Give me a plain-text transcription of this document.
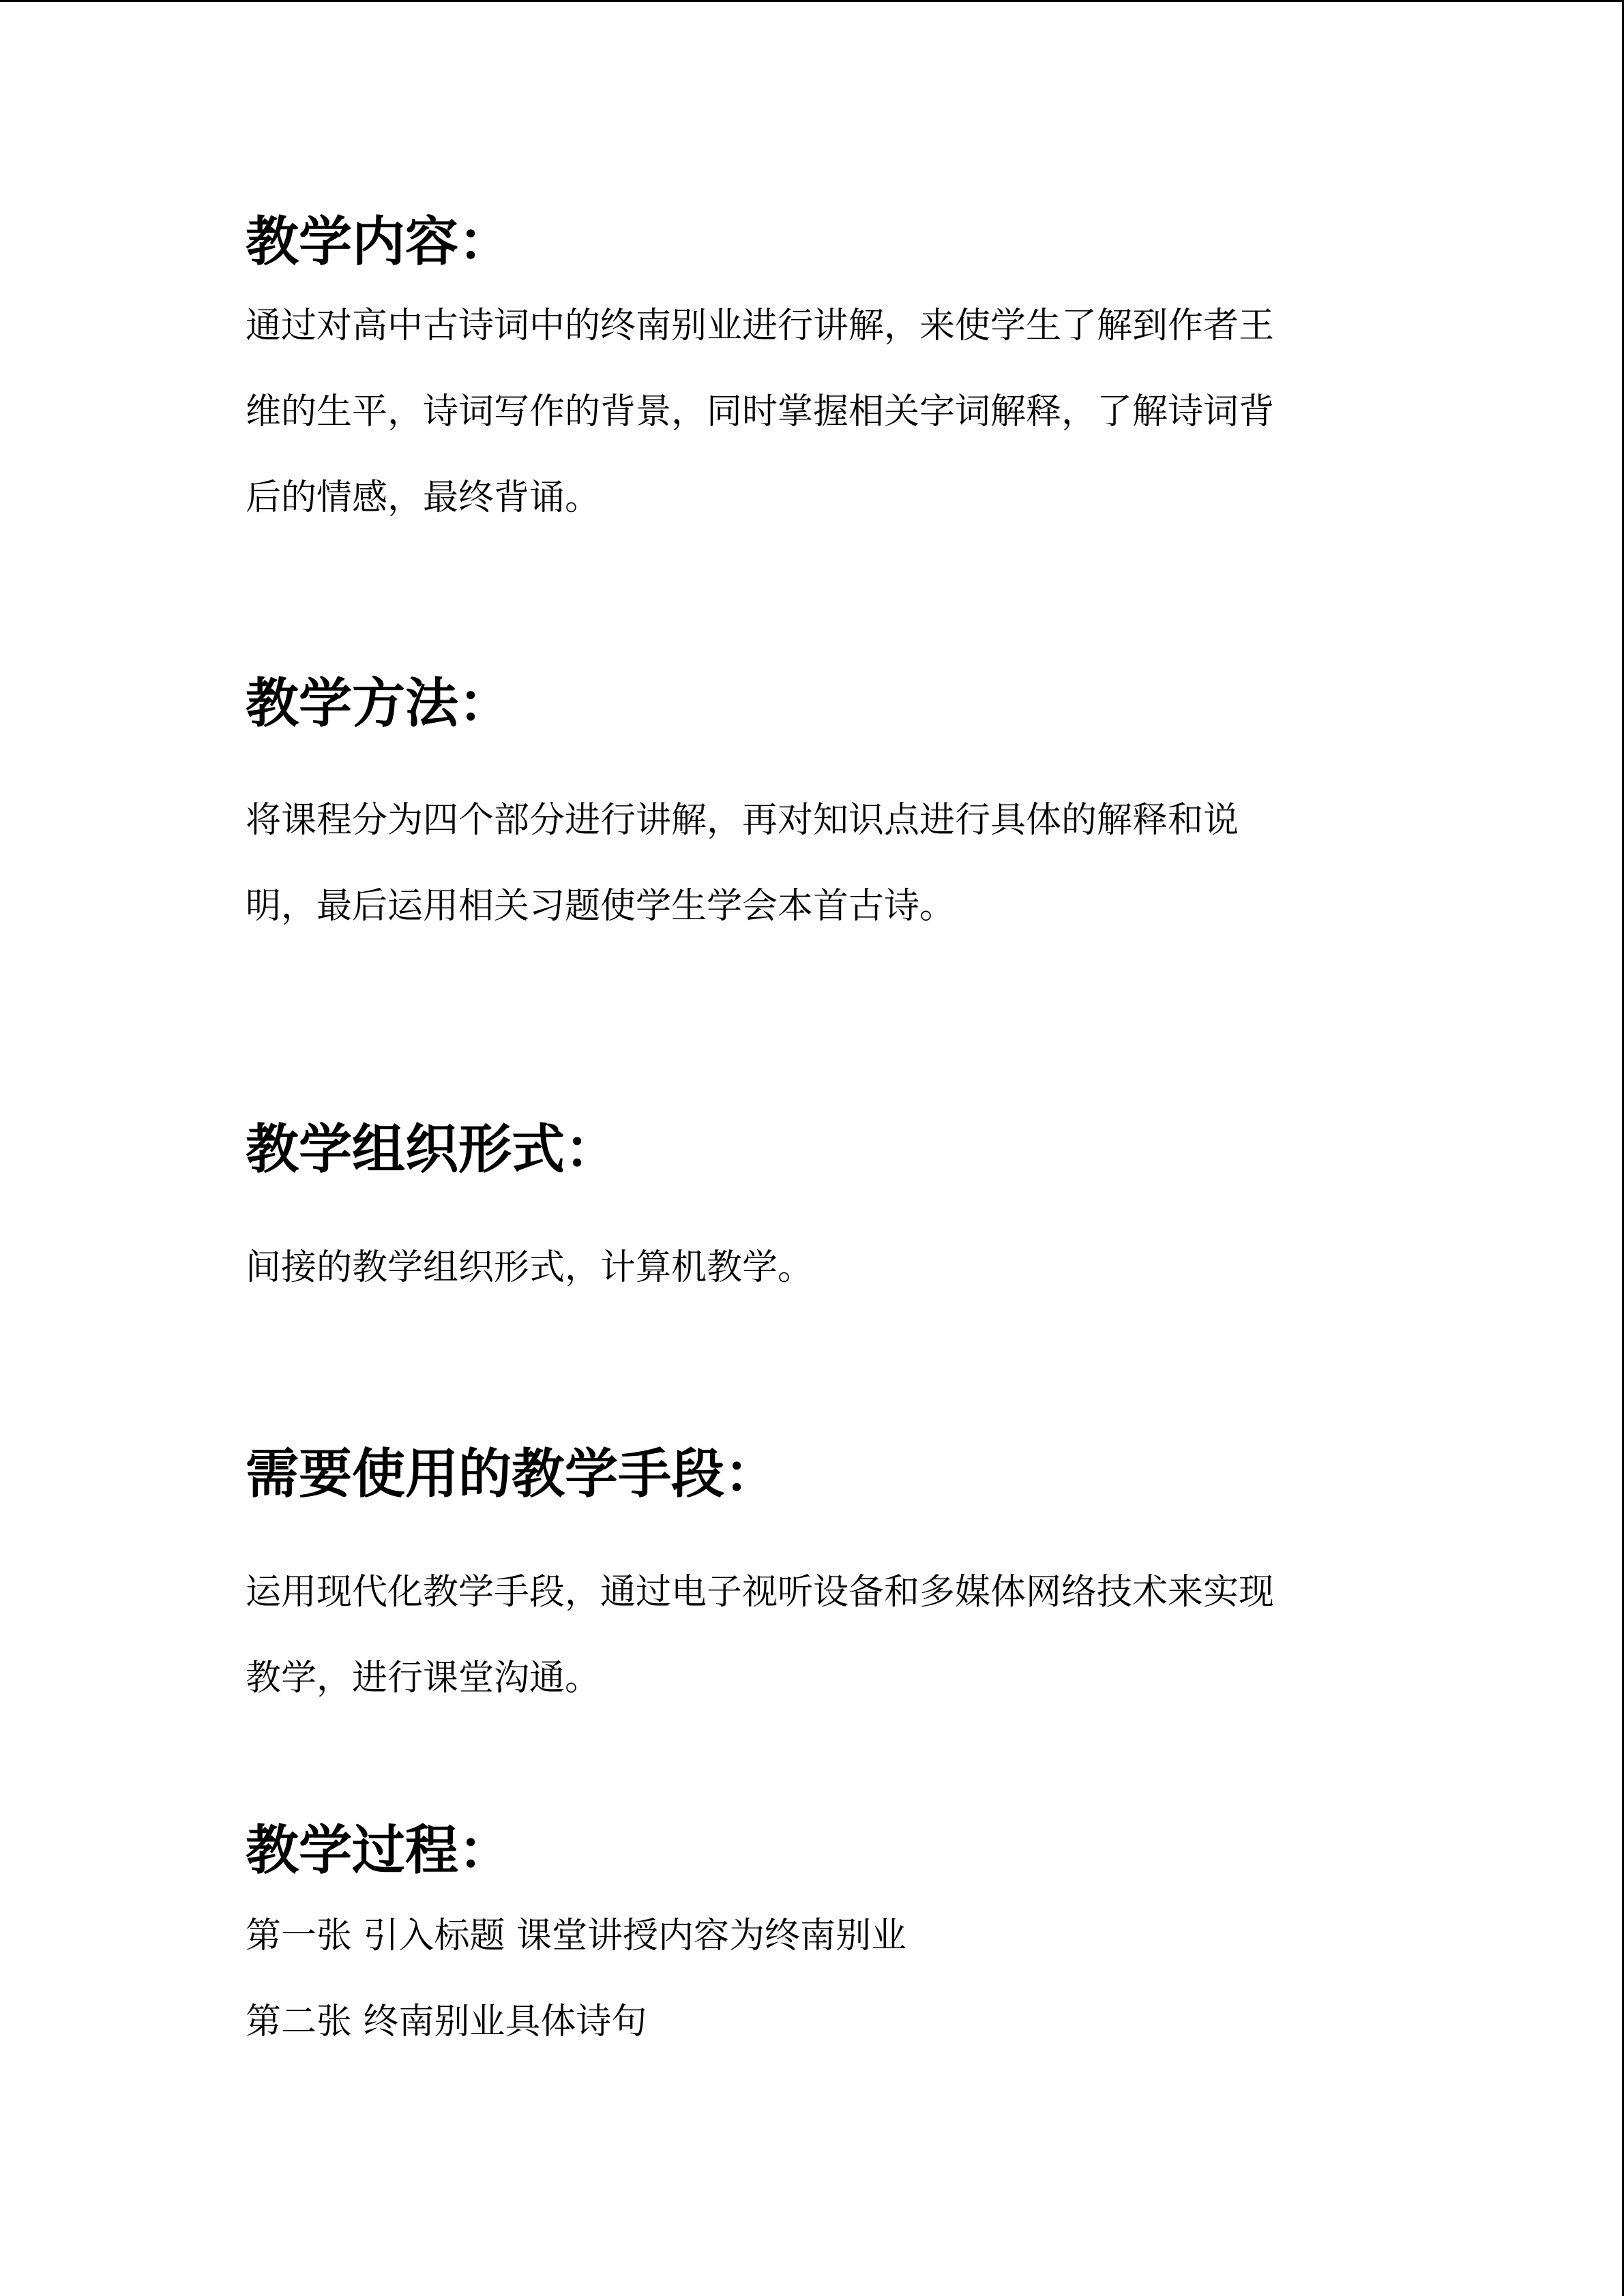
教学内容：
通过对高中古诗词中的终南别业进行讲解，来使学生了解到作者王
维的生平，诗词写作的背景，同时掌握相关字词解释，了解诗词背
后的情感，最终背诵。
教学方法：
将课程分为四个部分进行讲解，再对知识点进行具体的解释和说
明，最后运用相关习题使学生学会本首古诗。
教学组织形式：
间接的教学组织形式，计算机教学。
需要使用的教学手段：
运用现代化教学手段，通过电子视听设备和多媒体网络技术来实现
教学，进行课堂沟通。
教学过程：
第一张 引入标题 课堂讲授内容为终南别业
第二张 终南别业具体诗句
